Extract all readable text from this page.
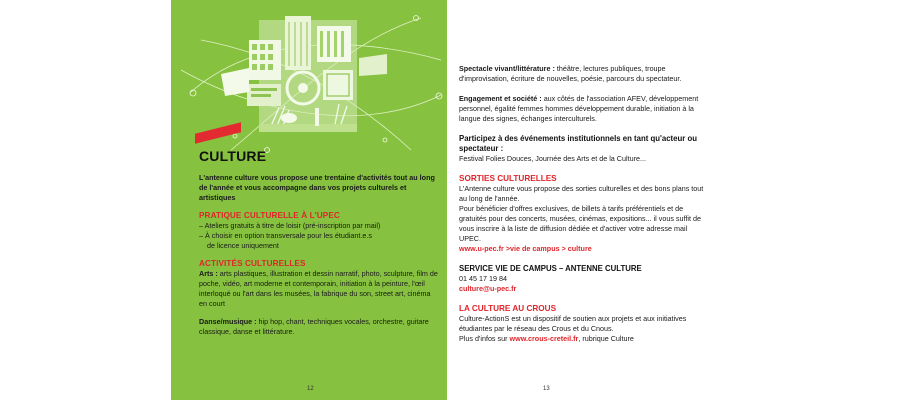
CULTURE

L'antenne culture vous propose une trentaine d'activités tout au long de l'année et vous accompagne dans vos projets culturels et artistiques

PRATIQUE CULTURELLE À L'UPEC

– Ateliers gratuits à titre de loisir (pré-inscription par mail)

– À choisir en option transversale pour les étudiant.e.s

de licence uniquement

ACTIVITÉS CULTURELLES

Arts : arts plastiques, illustration et dessin narratif, photo, sculpture, film de poche, vidéo, art moderne et contemporain, initiation à la peinture, l'œil interloqué ou l'art dans les musées, la fabrique du son, street art, cinéma en court

Danse/musique : hip hop, chant, techniques vocales, orchestre, guitare classique, danse et littérature.

12

Spectacle vivant/littérature : théâtre, lectures publiques, troupe d'improvisation, écriture de nouvelles, poésie, parcours du spectateur.

Engagement et société : aux côtés de l'association AFEV, développement personnel, égalité femmes hommes développement durable, initiation à la langue des signes, échanges interculturels.

Participez à des événements institutionnels en tant qu'acteur ou spectateur :

Festival Folies Douces, Journée des Arts et de la Culture...

SORTIES CULTURELLES

L'Antenne culture vous propose des sorties culturelles et des bons plans tout au long de l'année.

Pour bénéficier d'offres exclusives, de billets à tarifs préférentiels et de gratuités pour des concerts, musées, cinémas, expositions... il vous suffit de vous inscrire à la liste de diffusion dédiée et d'activer votre adresse mail UPEC.

www.u-pec.fr >vie de campus > culture

SERVICE VIE DE CAMPUS – ANTENNE CULTURE

01 45 17 19 84

culture@u-pec.fr

LA CULTURE AU CROUS

Culture-ActionS est un dispositif de soutien aux projets et aux initiatives étudiantes par le réseau des Crous et du Cnous.

Plus d'infos sur www.crous-creteil.fr, rubrique Culture

13
